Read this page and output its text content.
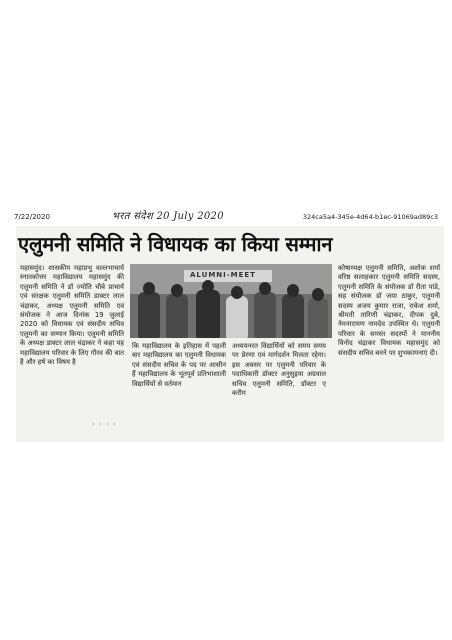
7/22/2020	324ca5a4-345e-4d64-b1ec-91069ad89c3
भरत संदेश 20 July 2020
एलुमनी समिति ने विधायक का किया सम्मान
महासमुंद। शासकीय महाप्रभु वल्लभाचार्य स्नातकोत्तर महाविद्यालय महासमुंद की एलुमनी समिति ने डॉ ज्योति चौबे प्राचार्य एवं संरक्षक एलुमनी समिति डाक्टर लाल चंद्राकर, अध्यक्ष एलुमनी समिति एवं संयोजक ने आज दिनांक 19 जुलाई 2020 को विधायक एवं संसदीय सचिव एलुमनी का सम्मान किया। एलुमनी समिति के अध्यक्ष डाक्टर लाल चंद्राकर ने कहा यह महाविद्यालय परिवार के लिए गौरव की बात है और हर्ष का विषय है
ALUMNI-MEET
कि महाविद्यालय के इतिहास में पहली बार महाविद्यालय का एलुमनी विधायक एवं संसदीय सचिव के पद पर आसीन हैं महाविद्यालय के भूतपूर्व प्रतिभाशाली विद्यार्थियों से वर्तमान
अध्ययनरत विद्यार्थियों को समय समय पर प्रेरणा एवं मार्गदर्शन मिलता रहेगा। इस अवसर पर एलुमनी परिवार के पदाधिकारी डॉक्टर अनुसुइया अग्रवाल सचिव एलुमनी समिति, डॉक्टर ए करीम
कोषाध्यक्ष एलुमनी समिति, अशोक शर्मा वरिष्ठ सलाहकार एलुमनी समिति सदस्य, एलुमनी समिति के संयोजक डॉ रीता पांडे, सह संयोजक डॉ जया ठाकुर, एलुमनी सदस्य अजय कुमार राजा, राकेश शर्मा, श्रीमती तारिणी चंद्राकर, दीपक दुबे, नेमनारायण नामदेव उपस्थित थे। एलुमनी परिवार के समस्त सदस्यों ने माननीय विनोद चंद्राकर विधायक महासमुंद को संसदीय सचिव बनने पर शुभकामनाएं दी।
· · · ·
